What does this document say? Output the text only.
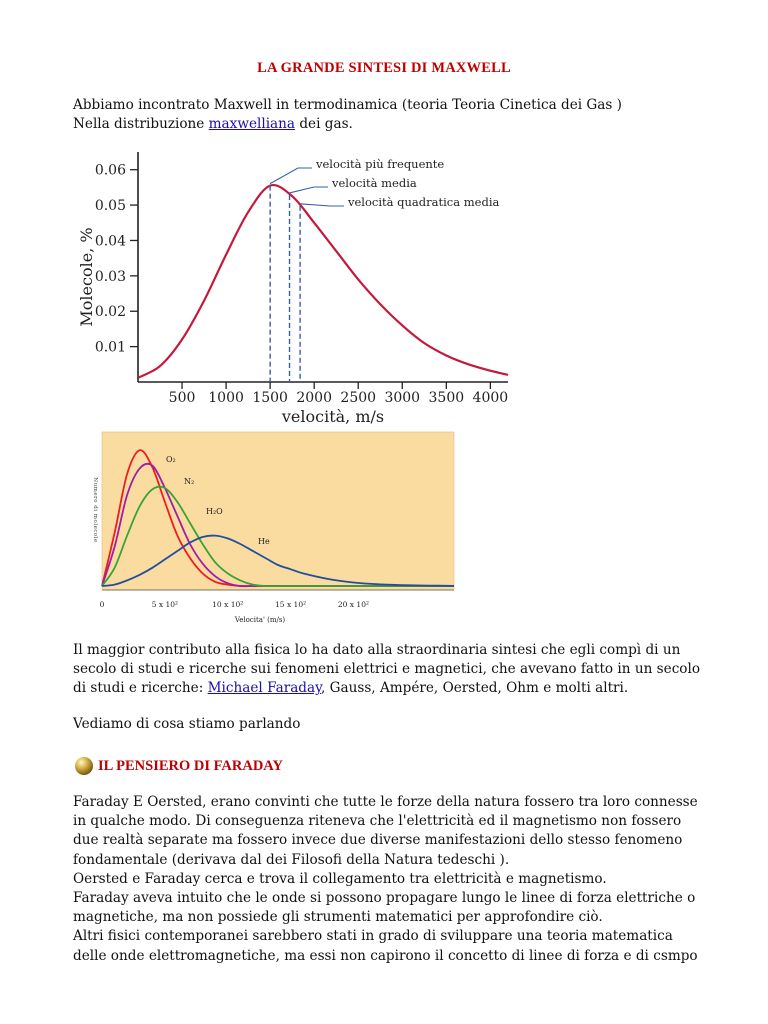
LA GRANDE SINTESI DI MAXWELL
Abbiamo incontrato Maxwell in termodinamica (teoria Teoria Cinetica dei Gas )
Nella distribuzione maxwelliana dei gas.
0.01
0.02
0.03
0.04
0.05
0.06
500 1000 1500 2000 2500 3000 3500 4000
velocità, m/s
Molecole, %
velocità più frequente
velocità media
velocità quadratica media
Numero di molecole
0	5 x 10²	10 x 10²	15 x 10²	20 x 10²
Velocita' (m/s)
O₂
N₂
H₂O
He
Il maggior contributo alla fisica lo ha dato alla straordinaria sintesi che egli compì di un
secolo di studi e ricerche sui fenomeni elettrici e magnetici, che avevano fatto in un secolo
di studi e ricerche: Michael Faraday, Gauss, Ampére, Oersted, Ohm e molti altri.
Vediamo di cosa stiamo parlando
IL PENSIERO DI FARADAY
Faraday E Oersted, erano convinti che tutte le forze della natura fossero tra loro connesse
in qualche modo. Di conseguenza riteneva che l'elettricità ed il magnetismo non fossero
due realtà separate ma fossero invece due diverse manifestazioni dello stesso fenomeno
fondamentale (derivava dal dei Filosofi della Natura tedeschi ).
Oersted e Faraday cerca e trova il collegamento tra elettricità e magnetismo.
Faraday aveva intuito che le onde si possono propagare lungo le linee di forza elettriche o
magnetiche, ma non possiede gli strumenti matematici per approfondire ciò.
Altri fisici contemporanei sarebbero stati in grado di sviluppare una teoria matematica
delle onde elettromagnetiche, ma essi non capirono il concetto di linee di forza e di csmpo
